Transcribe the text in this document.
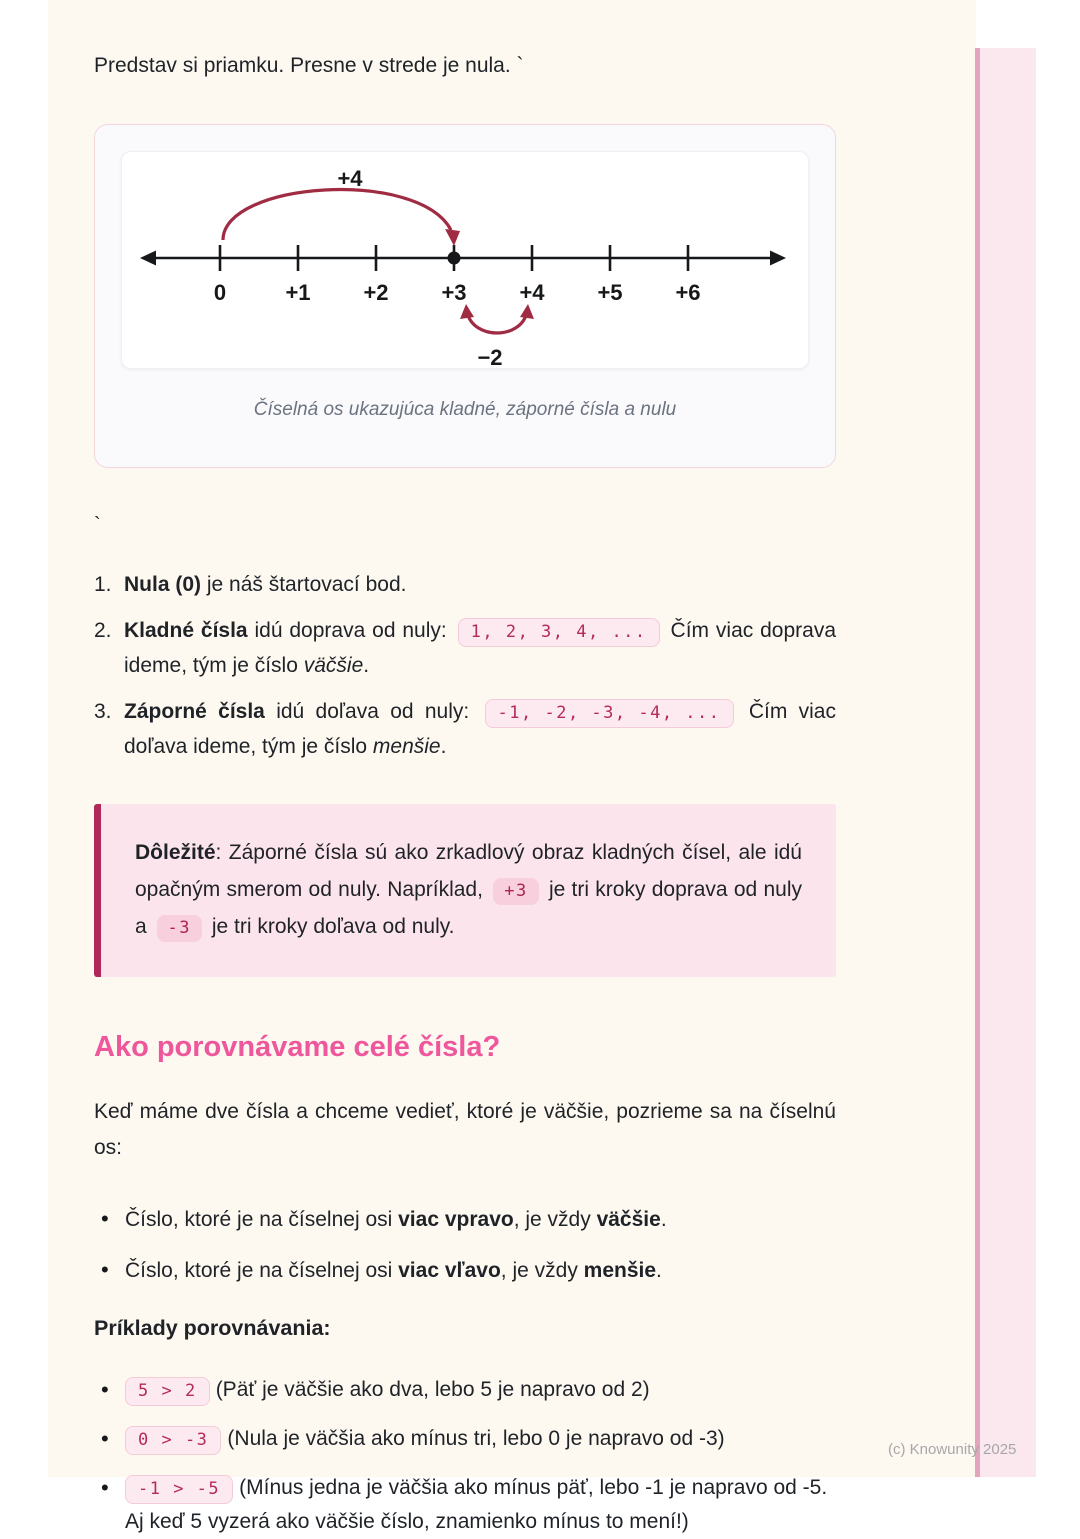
Predstav si priamku. Presne v strede je nula. `

0	+1 +2 +3 +4 +5 +6
+4
−2
Číselná os ukazujúca kladné, záporné čísla a nulu

`

1. Nula (0) je náš štartovací bod.
2. Kladné čísla idú doprava od nuly: 1, 2, 3, 4, ... Čím viac doprava ideme, tým je číslo väčšie.
3. Záporné čísla idú doľava od nuly: -1, -2, -3, -4, ... Čím viac doľava ideme, tým je číslo menšie.
Dôležité: Záporné čísla sú ako zrkadlový obraz kladných čísel, ale idú opačným smerom od nuly. Napríklad, +3 je tri kroky doprava od nuly a -3 je tri kroky doľava od nuly.
Ako porovnávame celé čísla?

Keď máme dve čísla a chceme vedieť, ktoré je väčšie, pozrieme sa na číselnú os:

• Číslo, ktoré je na číselnej osi viac vpravo, je vždy väčšie.
• Číslo, ktoré je na číselnej osi viac vľavo, je vždy menšie.

Príklady porovnávania:

• 5 > 2 (Päť je väčšie ako dva, lebo 5 je napravo od 2)
• 0 > -3 (Nula je väčšia ako mínus tri, lebo 0 je napravo od -3)
• -1 > -5 (Mínus jedna je väčšia ako mínus päť, lebo -1 je napravo od -5. Aj keď 5 vyzerá ako väčšie číslo, znamienko mínus to mení!)
(c) Knowunity 2025
